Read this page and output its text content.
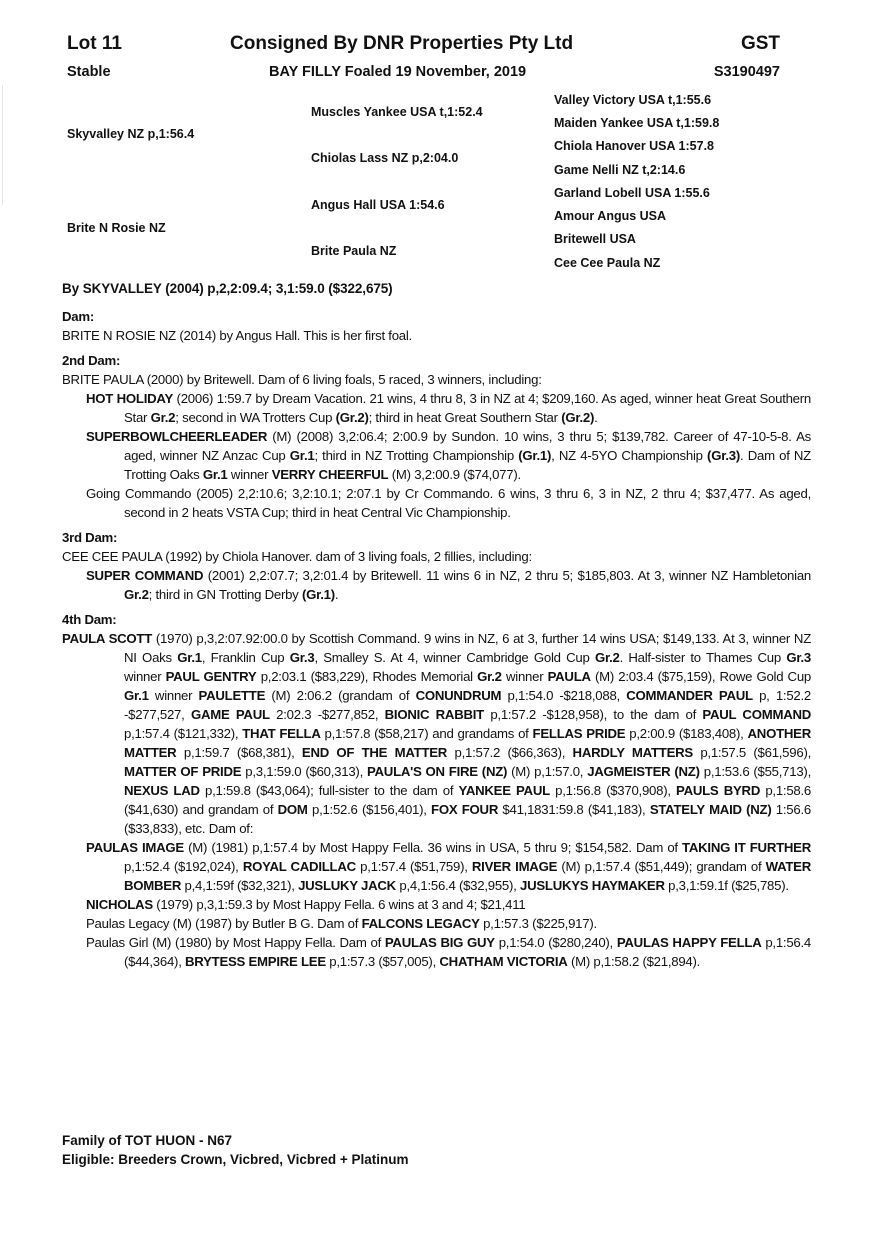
Lot 11	Consigned By DNR Properties Pty Ltd	GST
Stable	BAY FILLY Foaled 19 November, 2019	S3190497
Skyvalley NZ p,1:56.4
Brite N Rosie NZ
Muscles Yankee USA t,1:52.4
Chiolas Lass NZ p,2:04.0
Angus Hall USA 1:54.6
Brite Paula NZ
Valley Victory USA t,1:55.6
Maiden Yankee USA t,1:59.8
Chiola Hanover USA 1:57.8
Game Nelli NZ t,2:14.6
Garland Lobell USA 1:55.6
Amour Angus USA
Britewell USA
Cee Cee Paula NZ
By SKYVALLEY (2004) p,2,2:09.4; 3,1:59.0 ($322,675)
Dam:

BRITE N ROSIE NZ (2014) by Angus Hall. This is her first foal.

2nd Dam:

BRITE PAULA (2000) by Britewell. Dam of 6 living foals, 5 raced, 3 winners, including:

HOT HOLIDAY (2006) 1:59.7 by Dream Vacation. 21 wins, 4 thru 8, 3 in NZ at 4; $209,160. As aged, winner heat Great Southern Star Gr.2; second in WA Trotters Cup (Gr.2); third in heat Great Southern Star (Gr.2).

SUPERBOWLCHEERLEADER (M) (2008) 3,2:06.4; 2:00.9 by Sundon. 10 wins, 3 thru 5; $139,782. Career of 47-10-5-8. As aged, winner NZ Anzac Cup Gr.1; third in NZ Trotting Championship (Gr.1), NZ 4-5YO Championship (Gr.3). Dam of NZ Trotting Oaks Gr.1 winner VERRY CHEERFUL (M) 3,2:00.9 ($74,077).

Going Commando (2005) 2,2:10.6; 3,2:10.1; 2:07.1 by Cr Commando. 6 wins, 3 thru 6, 3 in NZ, 2 thru 4; $37,477. As aged, second in 2 heats VSTA Cup; third in heat Central Vic Championship.

3rd Dam:

CEE CEE PAULA (1992) by Chiola Hanover. dam of 3 living foals, 2 fillies, including:

SUPER COMMAND (2001) 2,2:07.7; 3,2:01.4 by Britewell. 11 wins 6 in NZ, 2 thru 5; $185,803. At 3, winner NZ Hambletonian Gr.2; third in GN Trotting Derby (Gr.1).

4th Dam:

PAULA SCOTT (1970) p,3,2:07.92:00.0 by Scottish Command. 9 wins in NZ, 6 at 3, further 14 wins USA; $149,133. At 3, winner NZ NI Oaks Gr.1, Franklin Cup Gr.3, Smalley S. At 4, winner Cambridge Gold Cup Gr.2. Half-sister to Thames Cup Gr.3 winner PAUL GENTRY p,2:03.1 ($83,229), Rhodes Memorial Gr.2 winner PAULA (M) 2:03.4 ($75,159), Rowe Gold Cup Gr.1 winner PAULETTE (M) 2:06.2 (grandam of CONUNDRUM p,1:54.0 -$218,088, COMMANDER PAUL p, 1:52.2 -$277,527, GAME PAUL 2:02.3 -$277,852, BIONIC RABBIT p,1:57.2 -$128,958), to the dam of PAUL COMMAND p,1:57.4 ($121,332), THAT FELLA p,1:57.8 ($58,217) and grandams of FELLAS PRIDE p,2:00.9 ($183,408), ANOTHER MATTER p,1:59.7 ($68,381), END OF THE MATTER p,1:57.2 ($66,363), HARDLY MATTERS p,1:57.5 ($61,596), MATTER OF PRIDE p,3,1:59.0 ($60,313), PAULA'S ON FIRE (NZ) (M) p,1:57.0, JAGMEISTER (NZ) p,1:53.6 ($55,713), NEXUS LAD p,1:59.8 ($43,064); full-sister to the dam of YANKEE PAUL p,1:56.8 ($370,908), PAULS BYRD p,1:58.6 ($41,630) and grandam of DOM p,1:52.6 ($156,401), FOX FOUR $41,1831:59.8 ($41,183), STATELY MAID (NZ) 1:56.6 ($33,833), etc. Dam of:

PAULAS IMAGE (M) (1981) p,1:57.4 by Most Happy Fella. 36 wins in USA, 5 thru 9; $154,582. Dam of TAKING IT FURTHER p,1:52.4 ($192,024), ROYAL CADILLAC p,1:57.4 ($51,759), RIVER IMAGE (M) p,1:57.4 ($51,449); grandam of WATER BOMBER p,4,1:59f ($32,321), JUSLUKY JACK p,4,1:56.4 ($32,955), JUSLUKYS HAYMAKER p,3,1:59.1f ($25,785).

NICHOLAS (1979) p,3,1:59.3 by Most Happy Fella. 6 wins at 3 and 4; $21,411

Paulas Legacy (M) (1987) by Butler B G. Dam of FALCONS LEGACY p,1:57.3 ($225,917).

Paulas Girl (M) (1980) by Most Happy Fella. Dam of PAULAS BIG GUY p,1:54.0 ($280,240), PAULAS HAPPY FELLA p,1:56.4 ($44,364), BRYTESS EMPIRE LEE p,1:57.3 ($57,005), CHATHAM VICTORIA (M) p,1:58.2 ($21,894).

Family of TOT HUON - N67
Eligible: Breeders Crown, Vicbred, Vicbred + Platinum
